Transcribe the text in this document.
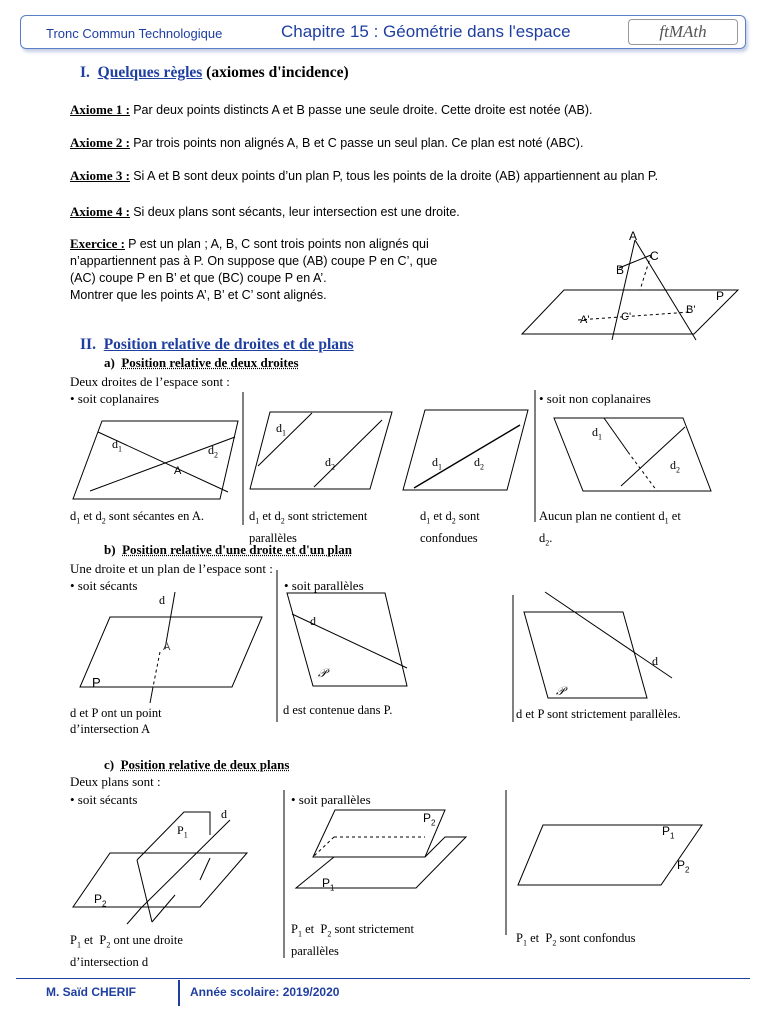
Tronc Commun Technologique	Chapitre 15 : Géométrie dans l'espace	ftMAth
I. Quelques règles (axiomes d'incidence)
Axiome 1 : Par deux points distincts A et B passe une seule droite. Cette droite est notée (AB).
Axiome 2 : Par trois points non alignés A, B et C passe un seul plan. Ce plan est noté (ABC).
Axiome 3 : Si A et B sont deux points d’un plan P, tous les points de la droite (AB) appartiennent au plan P.
Axiome 4 : Si deux plans sont sécants, leur intersection est une droite.
Exercice : P est un plan ; A, B, C sont trois points non alignés qui
n’appartiennent pas à P. On suppose que (AB) coupe P en C’, que
(AC) coupe P en B’ et que (BC) coupe P en A’.
Montrer que les points A’, B’ et C’ sont alignés.
A
C
B
P
B'
A'	C'
II. Position relative de droites et de plans
a) Position relative de deux droites
Deux droites de l’espace sont :
• soit coplanaires	• soit non coplanaires
$d_1$	$d_2$
A
$d_1$
$d_2$	$d_1$	$d_2$
$d_1$
$d_2$
$d_1$ et $d_2$ sont sécantes en A.	$d_1$ et $d_2$ sont strictement
parallèles
$d_1$ et $d_2$ sont
confondues
Aucun plan ne contient $d_1$ et
$d_2$.
b) Position relative d'une droite et d'un plan
Une droite et un plan de l’espace sont :
• soit sécants	• soit parallèles
d
A
P
d
𝒫
d
𝒫
d et P ont un point
d’intersection A
d est contenue dans P.	d et P sont strictement parallèles.
c) Position relative de deux plans
Deux plans sont :
• soit sécants	• soit parallèles
$P_1$
d
$P_2$
$P_2$
$P_1$
$P_1$
$P_2$
$P_1$ et  $P_2$ ont une droite
d’intersection d
$P_1$ et  $P_2$ sont strictement
parallèles
$P_1$ et  $P_2$ sont confondus
M. Saïd CHERIF	Année scolaire: 2019/2020
